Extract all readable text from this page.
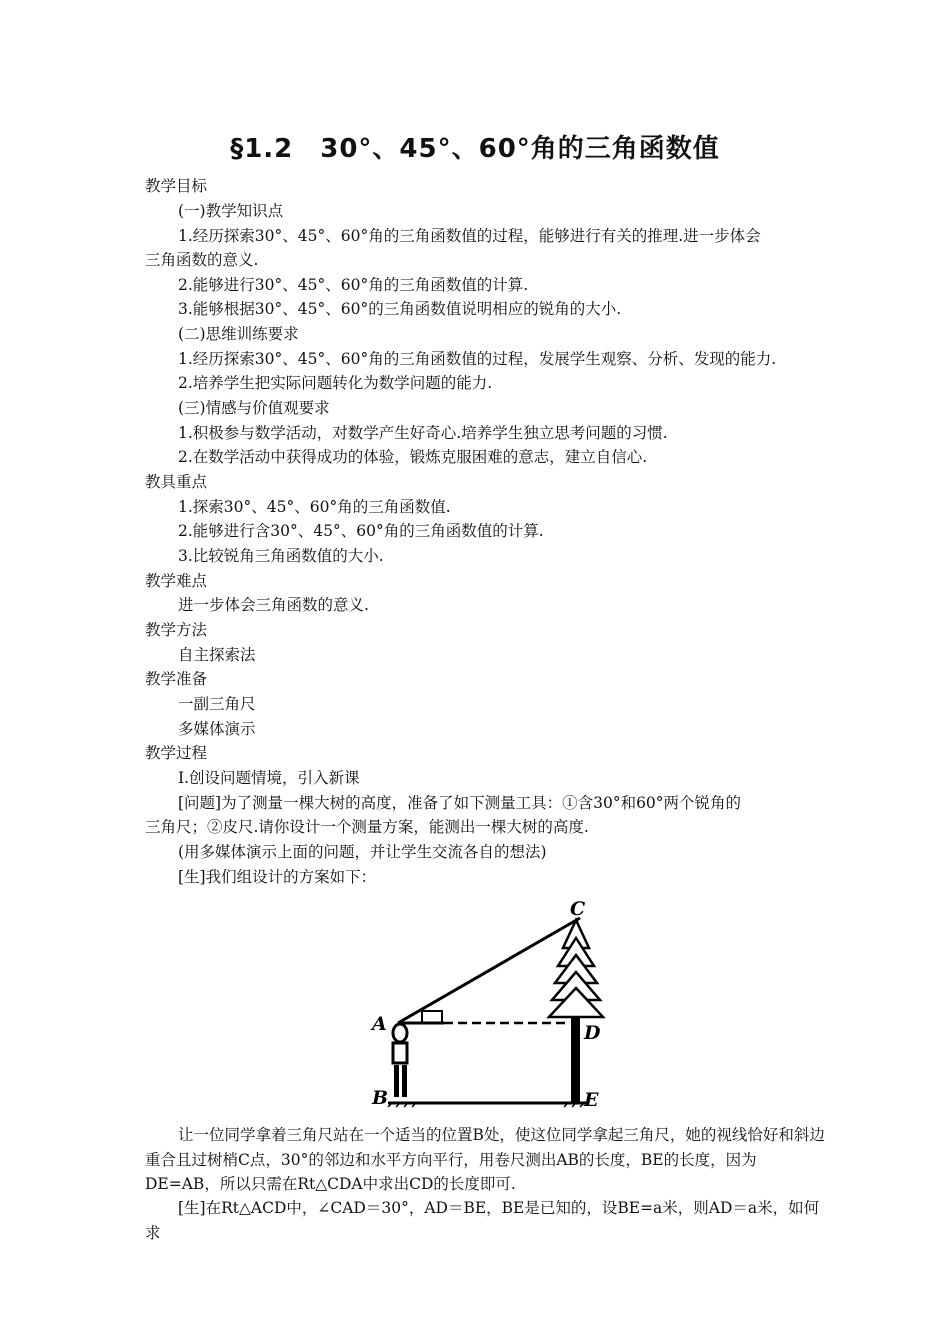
§1.2　30°、45°、60°角的三角函数值
教学目标
(一)教学知识点
1.经历探索30°、45°、60°角的三角函数值的过程，能够进行有关的推理.进一步体会
三角函数的意义.
2.能够进行30°、45°、60°角的三角函数值的计算.
3.能够根据30°、45°、60°的三角函数值说明相应的锐角的大小.
(二)思维训练要求
1.经历探索30°、45°、60°角的三角函数值的过程，发展学生观察、分析、发现的能力.
2.培养学生把实际问题转化为数学问题的能力.
(三)情感与价值观要求
1.积极参与数学活动，对数学产生好奇心.培养学生独立思考问题的习惯.
2.在数学活动中获得成功的体验，锻炼克服困难的意志，建立自信心.
教具重点
1.探索30°、45°、60°角的三角函数值.
2.能够进行含30°、45°、60°角的三角函数值的计算.
3.比较锐角三角函数值的大小.
教学难点
进一步体会三角函数的意义.
教学方法
自主探索法
教学准备
一副三角尺
多媒体演示
教学过程
Ⅰ.创设问题情境，引入新课
[问题]为了测量一棵大树的高度，准备了如下测量工具：①含30°和60°两个锐角的
三角尺；②皮尺.请你设计一个测量方案，能测出一棵大树的高度.
(用多媒体演示上面的问题，并让学生交流各自的想法)
[生]我们组设计的方案如下：
A
B
C
D
E
让一位同学拿着三角尺站在一个适当的位置B处，使这位同学拿起三角尺，她的视线恰好和斜边重合且过树梢C点，30°的邻边和水平方向平行，用卷尺测出AB的长度，BE的长度，因为DE=AB，所以只需在Rt△CDA中求出CD的长度即可.
[生]在Rt△ACD中，∠CAD＝30°，AD＝BE，BE是已知的，设BE=a米，则AD＝a米，如何求
